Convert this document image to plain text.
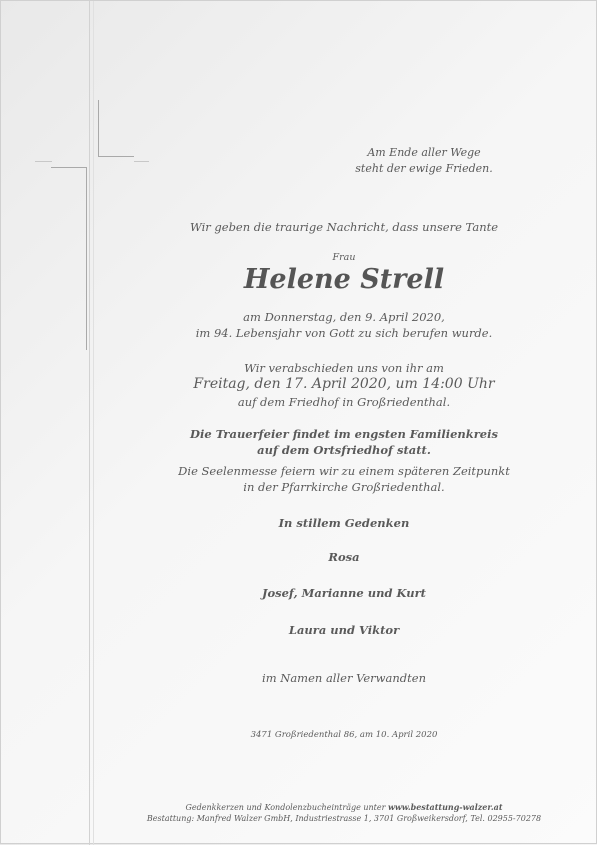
Am Ende aller Wege
steht der ewige Frieden.
Wir geben die traurige Nachricht, dass unsere Tante
Frau
Helene Strell
am Donnerstag, den 9. April 2020,
im 94. Lebensjahr von Gott zu sich berufen wurde.
Wir verabschieden uns von ihr am
Freitag, den 17. April 2020, um 14:00 Uhr
auf dem Friedhof in Großriedenthal.
Die Trauerfeier findet im engsten Familienkreis
auf dem Ortsfriedhof statt.
Die Seelenmesse feiern wir zu einem späteren Zeitpunkt
in der Pfarrkirche Großriedenthal.
In stillem Gedenken
Rosa
Josef, Marianne und Kurt
Laura und Viktor
im Namen aller Verwandten
3471 Großriedenthal 86, am 10. April 2020
Gedenkkerzen und Kondolenzbucheinträge unter www.bestattung-walzer.at
Bestattung: Manfred Walzer GmbH, Industriestrasse 1, 3701 Großweikersdorf, Tel. 02955-70278
